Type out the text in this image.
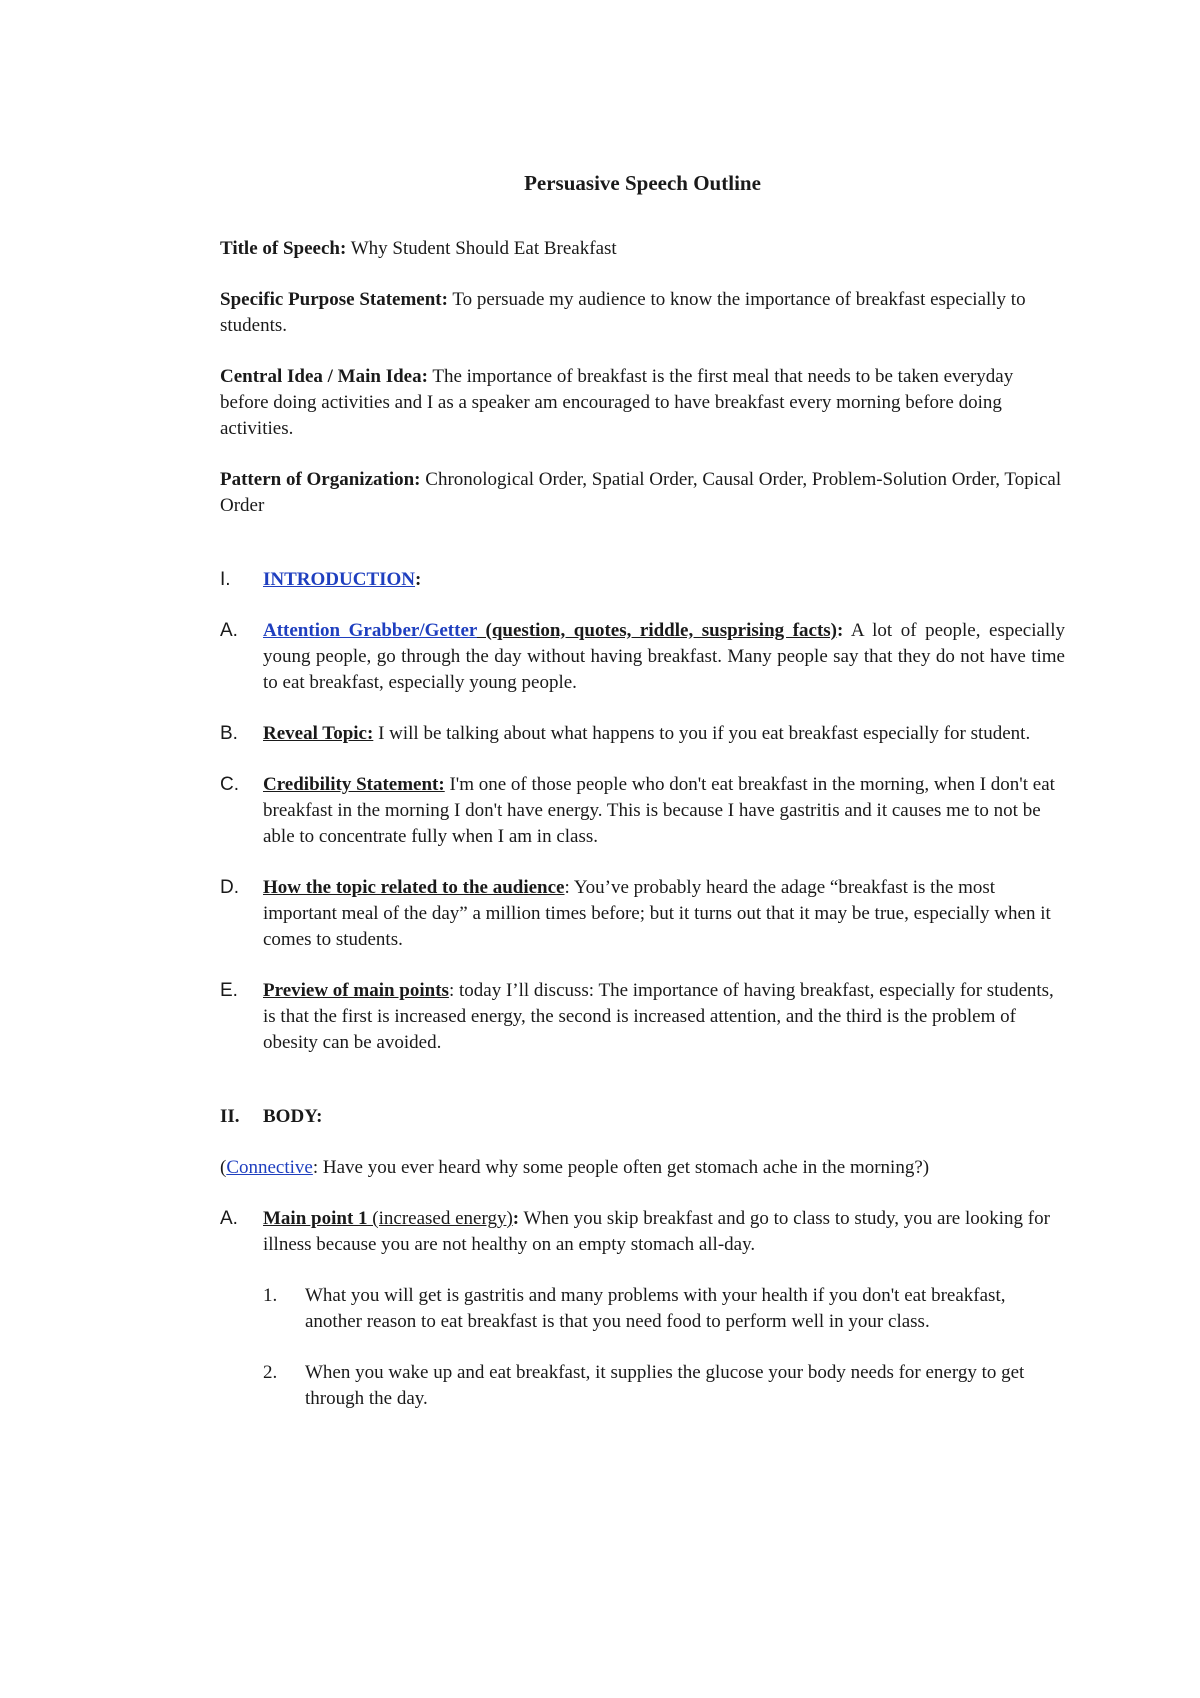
Persuasive Speech Outline
Title of Speech: Why Student Should Eat Breakfast
Specific Purpose Statement: To persuade my audience to know the importance of breakfast especially to students.
Central Idea / Main Idea: The importance of breakfast is the first meal that needs to be taken everyday before doing activities and I as a speaker am encouraged to have breakfast every morning before doing activities.
Pattern of Organization: Chronological Order, Spatial Order, Causal Order, Problem-Solution Order, Topical Order
I.	INTRODUCTION:
A.	Attention Grabber/Getter (question, quotes, riddle, susprising facts): A lot of people, especially young people, go through the day without having breakfast. Many people say that they do not have time to eat breakfast, especially young people.
B.	Reveal Topic: I will be talking about what happens to you if you eat breakfast especially for student.
C.	Credibility Statement: I'm one of those people who don't eat breakfast in the morning, when I don't eat breakfast in the morning I don't have energy. This is because I have gastritis and it causes me to not be able to concentrate fully when I am in class.
D.	How the topic related to the audience: You’ve probably heard the adage “breakfast is the most important meal of the day” a million times before; but it turns out that it may be true, especially when it comes to students.
E.	Preview of main points: today I’ll discuss: The importance of having breakfast, especially for students, is that the first is increased energy, the second is increased attention, and the third is the problem of obesity can be avoided.
II.	BODY:
(Connective: Have you ever heard why some people often get stomach ache in the morning?)
A.	Main point 1 (increased energy): When you skip breakfast and go to class to study, you are looking for illness because you are not healthy on an empty stomach all-day.
1.	What you will get is gastritis and many problems with your health if you don't eat breakfast, another reason to eat breakfast is that you need food to perform well in your class.
2.	When you wake up and eat breakfast, it supplies the glucose your body needs for energy to get through the day.
